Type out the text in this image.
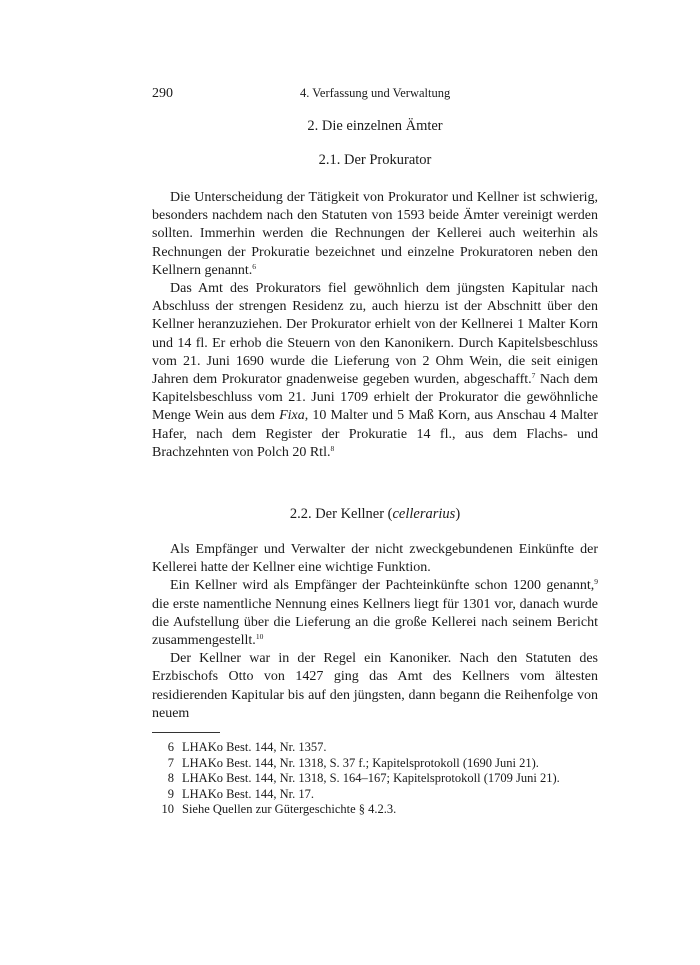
290	4. Verfassung und Verwaltung
2. Die einzelnen Ämter
2.1. Der Prokurator

Die Unterscheidung der Tätigkeit von Prokurator und Kellner ist schwierig, besonders nachdem nach den Statuten von 1593 beide Ämter vereinigt werden sollten. Immerhin werden die Rechnungen der Kellerei auch weiterhin als Rechnungen der Prokuratie bezeichnet und einzelne Prokuratoren neben den Kellnern genannt.$^6$

Das Amt des Prokurators fiel gewöhnlich dem jüngsten Kapitular nach Abschluss der strengen Residenz zu, auch hierzu ist der Abschnitt über den Kellner heranzuziehen. Der Prokurator erhielt von der Kellnerei 1 Malter Korn und 14 fl. Er erhob die Steuern von den Kanonikern. Durch Kapitelsbeschluss vom 21. Juni 1690 wurde die Lieferung von 2 Ohm Wein, die seit einigen Jahren dem Prokurator gnadenweise gegeben wurden, abgeschafft.$^7$ Nach dem Kapitelsbeschluss vom 21. Juni 1709 erhielt der Prokurator die gewöhnliche Menge Wein aus dem Fixa, 10 Malter und 5 Maß Korn, aus Anschau 4 Malter Hafer, nach dem Register der Prokuratie 14 fl., aus dem Flachs- und Brachzehnten von Polch 20 Rtl.$^8$

2.2. Der Kellner (cellerarius)

Als Empfänger und Verwalter der nicht zweckgebundenen Einkünfte der Kellerei hatte der Kellner eine wichtige Funktion.

Ein Kellner wird als Empfänger der Pachteinkünfte schon 1200 genannt,$^9$ die erste namentliche Nennung eines Kellners liegt für 1301 vor, danach wurde die Aufstellung über die Lieferung an die große Kellerei nach seinem Bericht zusammengestellt.$^{10}$

Der Kellner war in der Regel ein Kanoniker. Nach den Statuten des Erzbischofs Otto von 1427 ging das Amt des Kellners vom ältesten residierenden Kapitular bis auf den jüngsten, dann begann die Reihenfolge von neuem

6 LHAKo Best. 144, Nr. 1357.
7 LHAKo Best. 144, Nr. 1318, S. 37 f.; Kapitelsprotokoll (1690 Juni 21).
8 LHAKo Best. 144, Nr. 1318, S. 164–167; Kapitelsprotokoll (1709 Juni 21).
9 LHAKo Best. 144, Nr. 17.
10 Siehe Quellen zur Gütergeschichte § 4.2.3.
